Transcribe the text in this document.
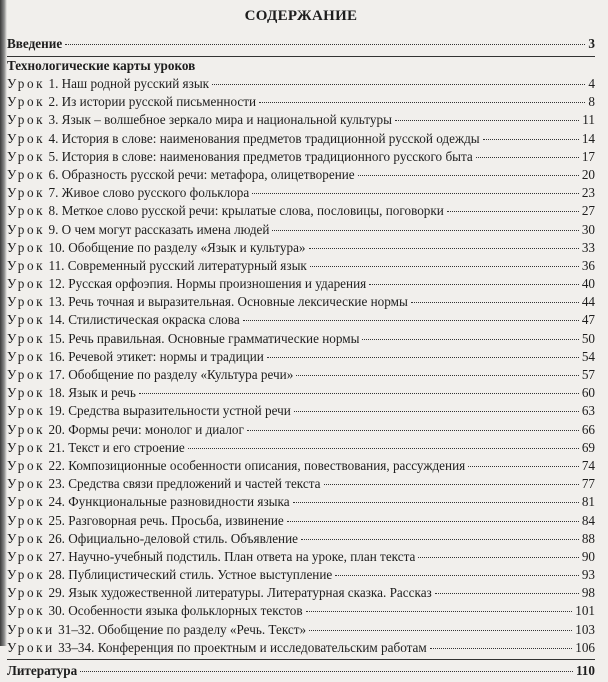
СОДЕРЖАНИЕ
Введение	3
Технологические карты уроков
Урок 1. Наш родной русский язык	4
Урок 2. Из истории русской письменности	8
Урок 3. Язык – волшебное зеркало мира и национальной культуры	11
Урок 4. История в слове: наименования предметов традиционной русской одежды	14
Урок 5. История в слове: наименования предметов традиционного русского быта	17
Урок 6. Образность русской речи: метафора, олицетворение	20
Урок 7. Живое слово русского фольклора	23
Урок 8. Меткое слово русской речи: крылатые слова, пословицы, поговорки	27
Урок 9. О чем могут рассказать имена людей	30
Урок 10. Обобщение по разделу «Язык и культура»	33
Урок 11. Современный русский литературный язык	36
Урок 12. Русская орфоэпия. Нормы произношения и ударения	40
Урок 13. Речь точная и выразительная. Основные лексические нормы	44
Урок 14. Стилистическая окраска слова	47
Урок 15. Речь правильная. Основные грамматические нормы	50
Урок 16. Речевой этикет: нормы и традиции	54
Урок 17. Обобщение по разделу «Культура речи»	57
Урок 18. Язык и речь	60
Урок 19. Средства выразительности устной речи	63
Урок 20. Формы речи: монолог и диалог	66
Урок 21. Текст и его строение	69
Урок 22. Композиционные особенности описания, повествования, рассуждения	74
Урок 23. Средства связи предложений и частей текста	77
Урок 24. Функциональные разновидности языка	81
Урок 25. Разговорная речь. Просьба, извинение	84
Урок 26. Официально-деловой стиль. Объявление	88
Урок 27. Научно-учебный подстиль. План ответа на уроке, план текста	90
Урок 28. Публицистический стиль. Устное выступление	93
Урок 29. Язык художественной литературы. Литературная сказка. Рассказ	98
Урок 30. Особенности языка фольклорных текстов	101
Уроки 31–32. Обобщение по разделу «Речь. Текст»	103
Уроки 33–34. Конференция по проектным и исследовательским работам	106
Литература	110
